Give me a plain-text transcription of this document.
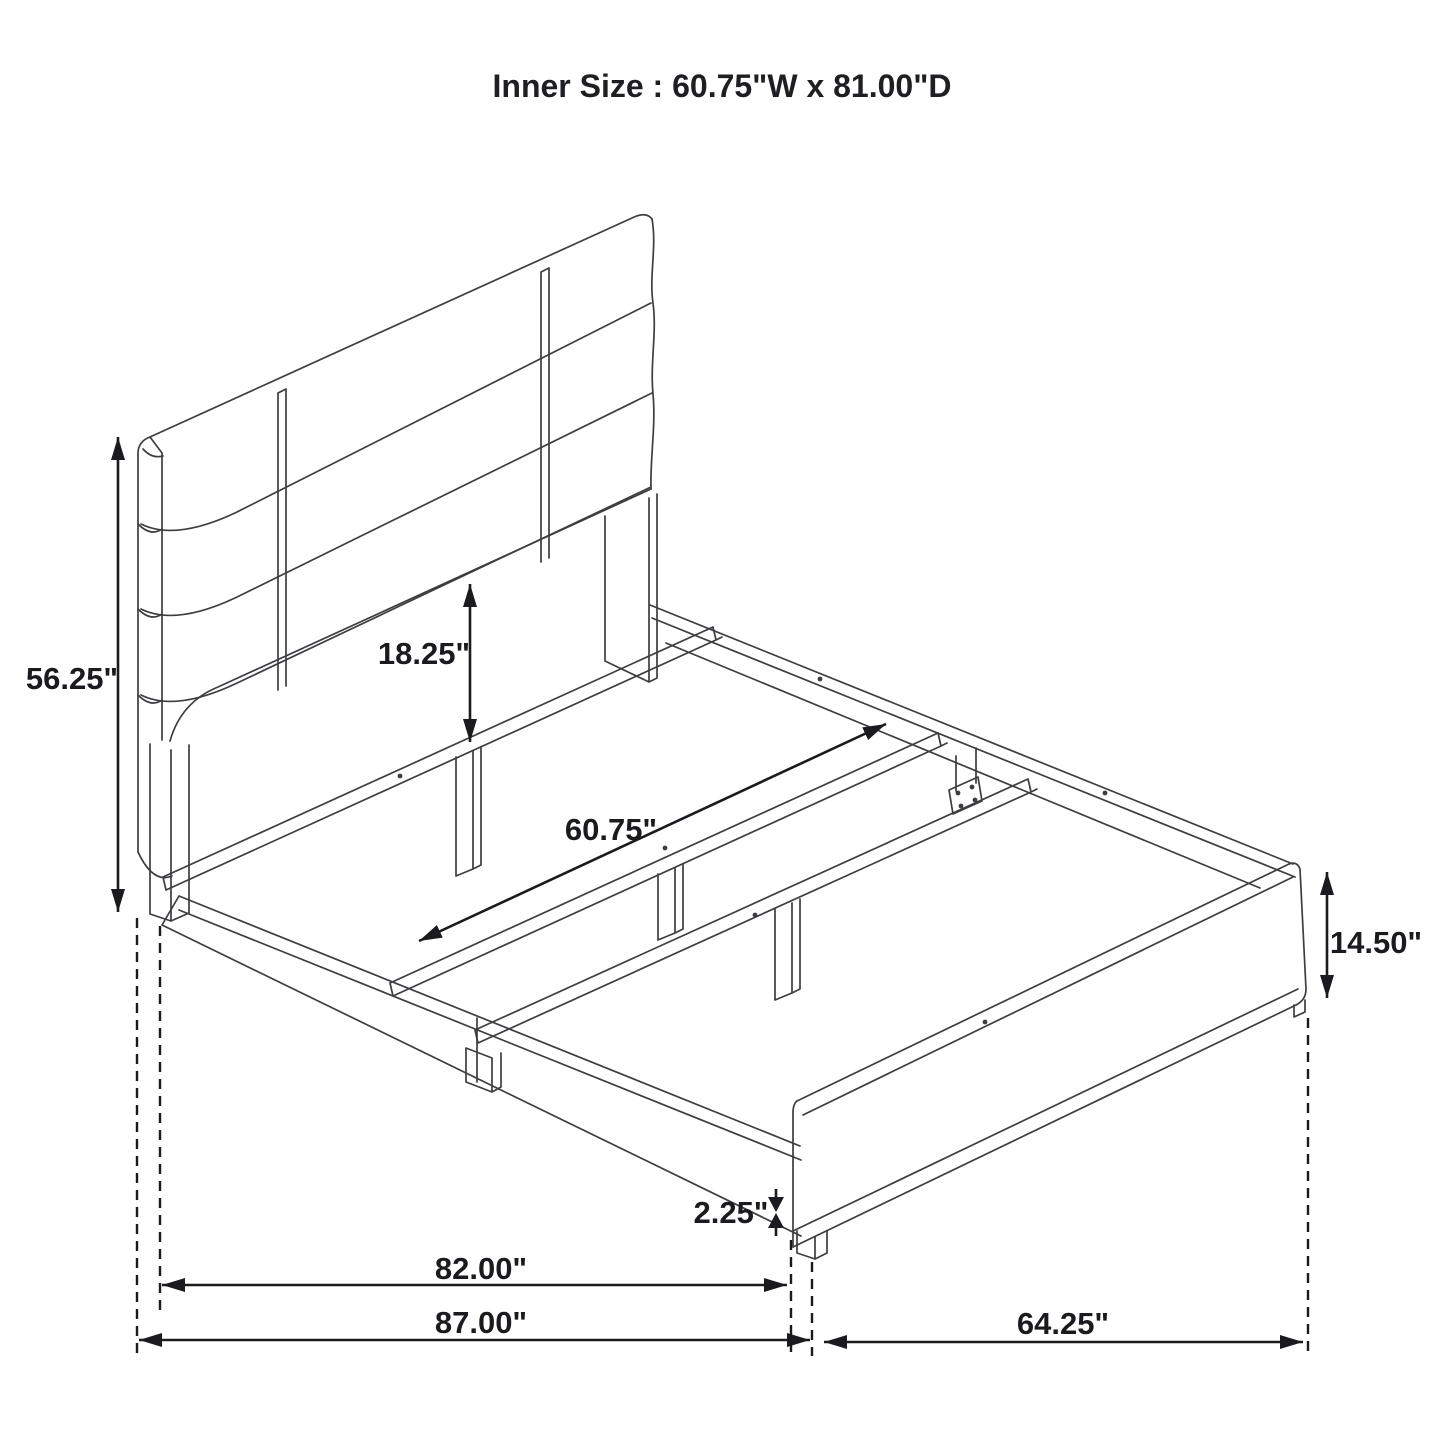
Inner Size : 60.75"W x 81.00"D
56.25"
18.25"
60.75"
14.50"
2.25"
82.00"
87.00"	64.25"
